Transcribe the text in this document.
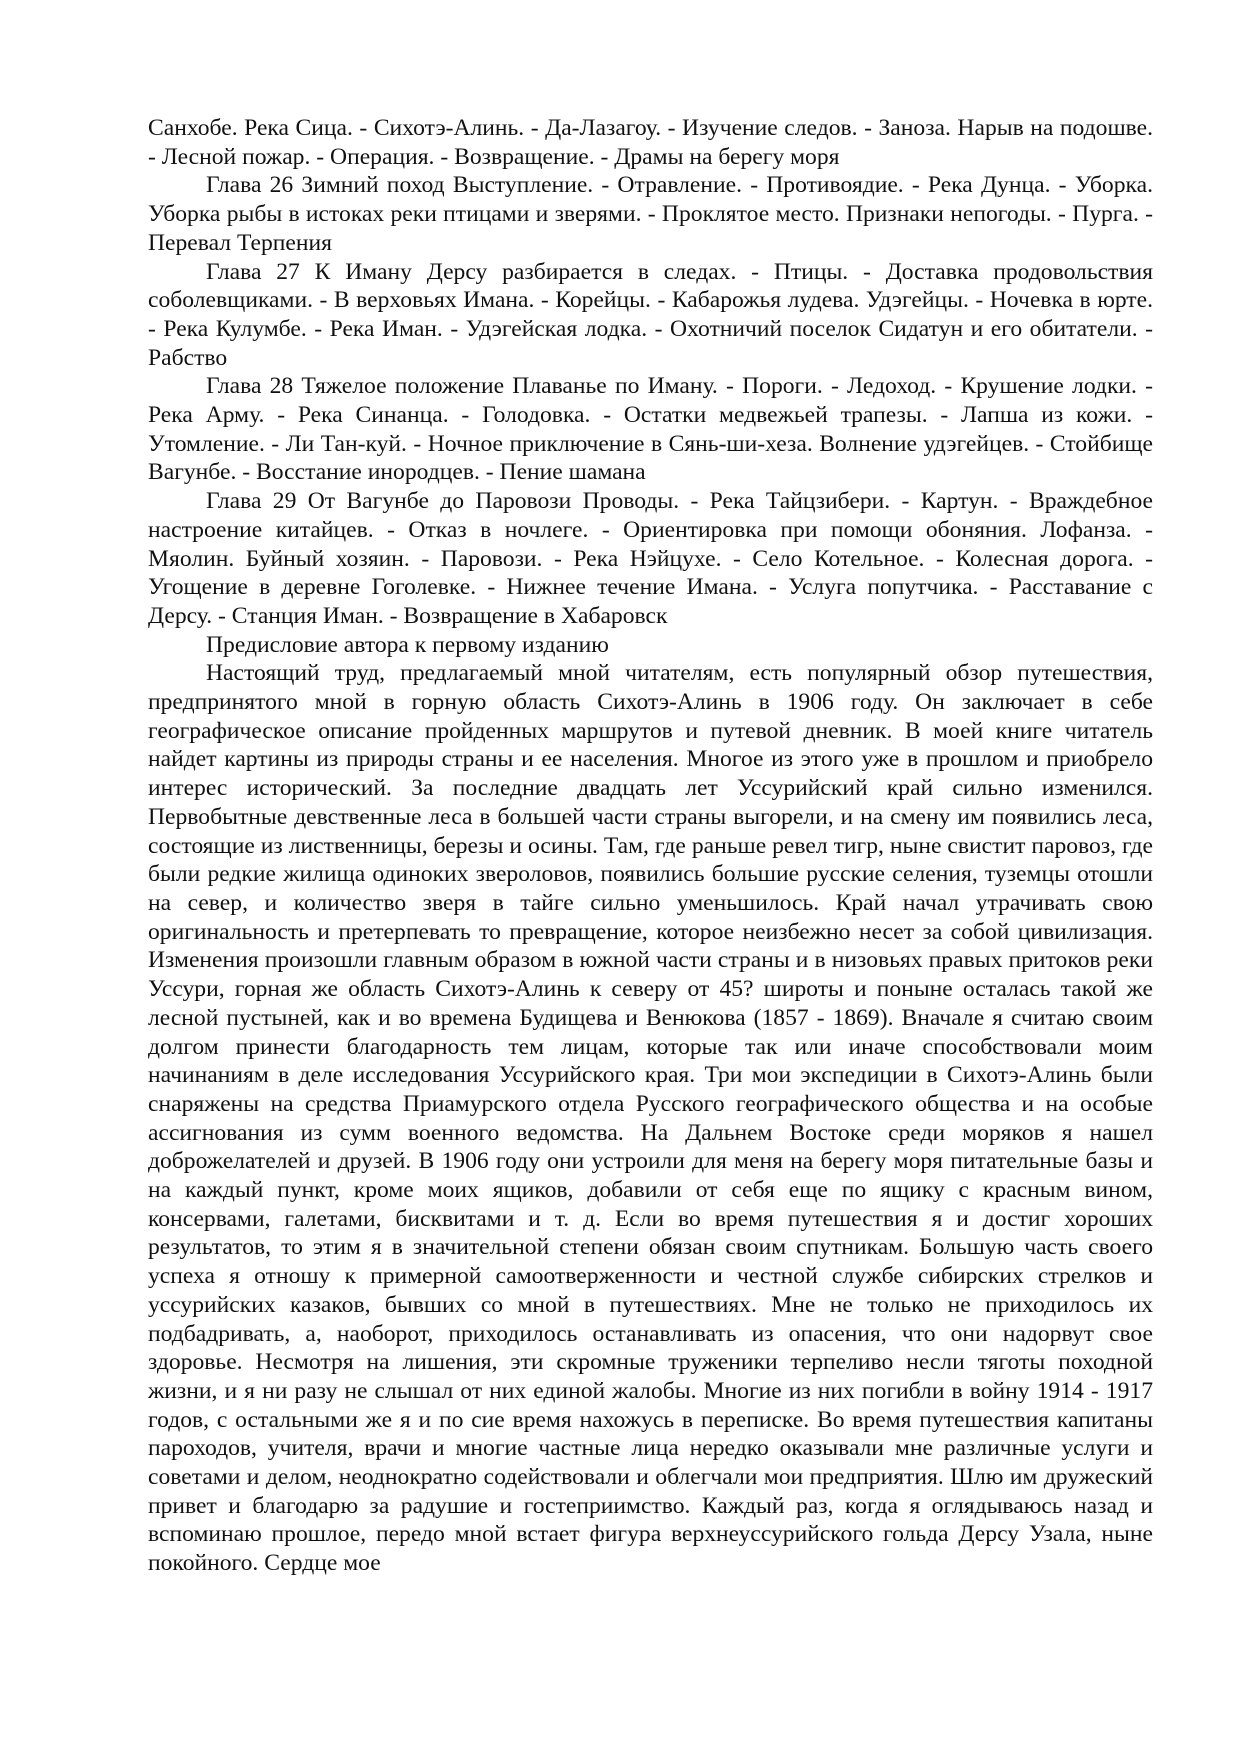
Санхобе. Река Сица. - Сихотэ-Алинь. - Да-Лазагоу. - Изучение следов. - Заноза. Нарыв на подошве. - Лесной пожар. - Операция. - Возвращение. - Драмы на берегу моря

Глава 26 Зимний поход Выступление. - Отравление. - Противоядие. - Река Дунца. - Уборка. Уборка рыбы в истоках реки птицами и зверями. - Проклятое место. Признаки непогоды. - Пурга. - Перевал Терпения

Глава 27 К Иману Дерсу разбирается в следах. - Птицы. - Доставка продовольствия соболевщиками. - В верховьях Имана. - Корейцы. - Кабарожья лудева. Удэгейцы. - Ночевка в юрте. - Река Кулумбе. - Река Иман. - Удэгейская лодка. - Охотничий поселок Сидатун и его обитатели. - Рабство

Глава 28 Тяжелое положение Плаванье по Иману. - Пороги. - Ледоход. - Крушение лодки. - Река Арму. - Река Синанца. - Голодовка. - Остатки медвежьей трапезы. - Лапша из кожи. - Утомление. - Ли Тан-куй. - Ночное приключение в Сянь-ши-хеза. Волнение удэгейцев. - Стойбище Вагунбе. - Восстание инородцев. - Пение шамана

Глава 29 От Вагунбе до Паровози Проводы. - Река Тайцзибери. - Картун. - Враждебное настроение китайцев. - Отказ в ночлеге. - Ориентировка при помощи обоняния. Лофанза. - Мяолин. Буйный хозяин. - Паровози. - Река Нэйцухе. - Село Котельное. - Колесная дорога. - Угощение в деревне Гоголевке. - Нижнее течение Имана. - Услуга попутчика. - Расставание с Дерсу. - Станция Иман. - Возвращение в Хабаровск

Предисловие автора к первому изданию

Настоящий труд, предлагаемый мной читателям, есть популярный обзор путешествия, предпринятого мной в горную область Сихотэ-Алинь в 1906 году. Он заключает в себе географическое описание пройденных маршрутов и путевой дневник. В моей книге читатель найдет картины из природы страны и ее населения. Многое из этого уже в прошлом и приобрело интерес исторический. За последние двадцать лет Уссурийский край сильно изменился. Первобытные девственные леса в большей части страны выгорели, и на смену им появились леса, состоящие из лиственницы, березы и осины. Там, где раньше ревел тигр, ныне свистит паровоз, где были редкие жилища одиноких звероловов, появились большие русские селения, туземцы отошли на север, и количество зверя в тайге сильно уменьшилось. Край начал утрачивать свою оригинальность и претерпевать то превращение, которое неизбежно несет за собой цивилизация. Изменения произошли главным образом в южной части страны и в низовьях правых притоков реки Уссури, горная же область Сихотэ-Алинь к северу от 45? широты и поныне осталась такой же лесной пустыней, как и во времена Будищева и Венюкова (1857 - 1869). Вначале я считаю своим долгом принести благодарность тем лицам, которые так или иначе способствовали моим начинаниям в деле исследования Уссурийского края. Три мои экспедиции в Сихотэ-Алинь были снаряжены на средства Приамурского отдела Русского географического общества и на особые ассигнования из сумм военного ведомства. На Дальнем Востоке среди моряков я нашел доброжелателей и друзей. В 1906 году они устроили для меня на берегу моря питательные базы и на каждый пункт, кроме моих ящиков, добавили от себя еще по ящику с красным вином, консервами, галетами, бисквитами и т. д. Если во время путешествия я и достиг хороших результатов, то этим я в значительной степени обязан своим спутникам. Большую часть своего успеха я отношу к примерной самоотверженности и честной службе сибирских стрелков и уссурийских казаков, бывших со мной в путешествиях. Мне не только не приходилось их подбадривать, а, наоборот, приходилось останавливать из опасения, что они надорвут свое здоровье. Несмотря на лишения, эти скромные труженики терпеливо несли тяготы походной жизни, и я ни разу не слышал от них единой жалобы. Многие из них погибли в войну 1914 - 1917 годов, с остальными же я и по сие время нахожусь в переписке. Во время путешествия капитаны пароходов, учителя, врачи и многие частные лица нередко оказывали мне различные услуги и советами и делом, неоднократно содействовали и облегчали мои предприятия. Шлю им дружеский привет и благодарю за радушие и гостеприимство. Каждый раз, когда я оглядываюсь назад и вспоминаю прошлое, передо мной встает фигура верхнеуссурийского гольда Дерсу Узала, ныне покойного. Сердце мое
